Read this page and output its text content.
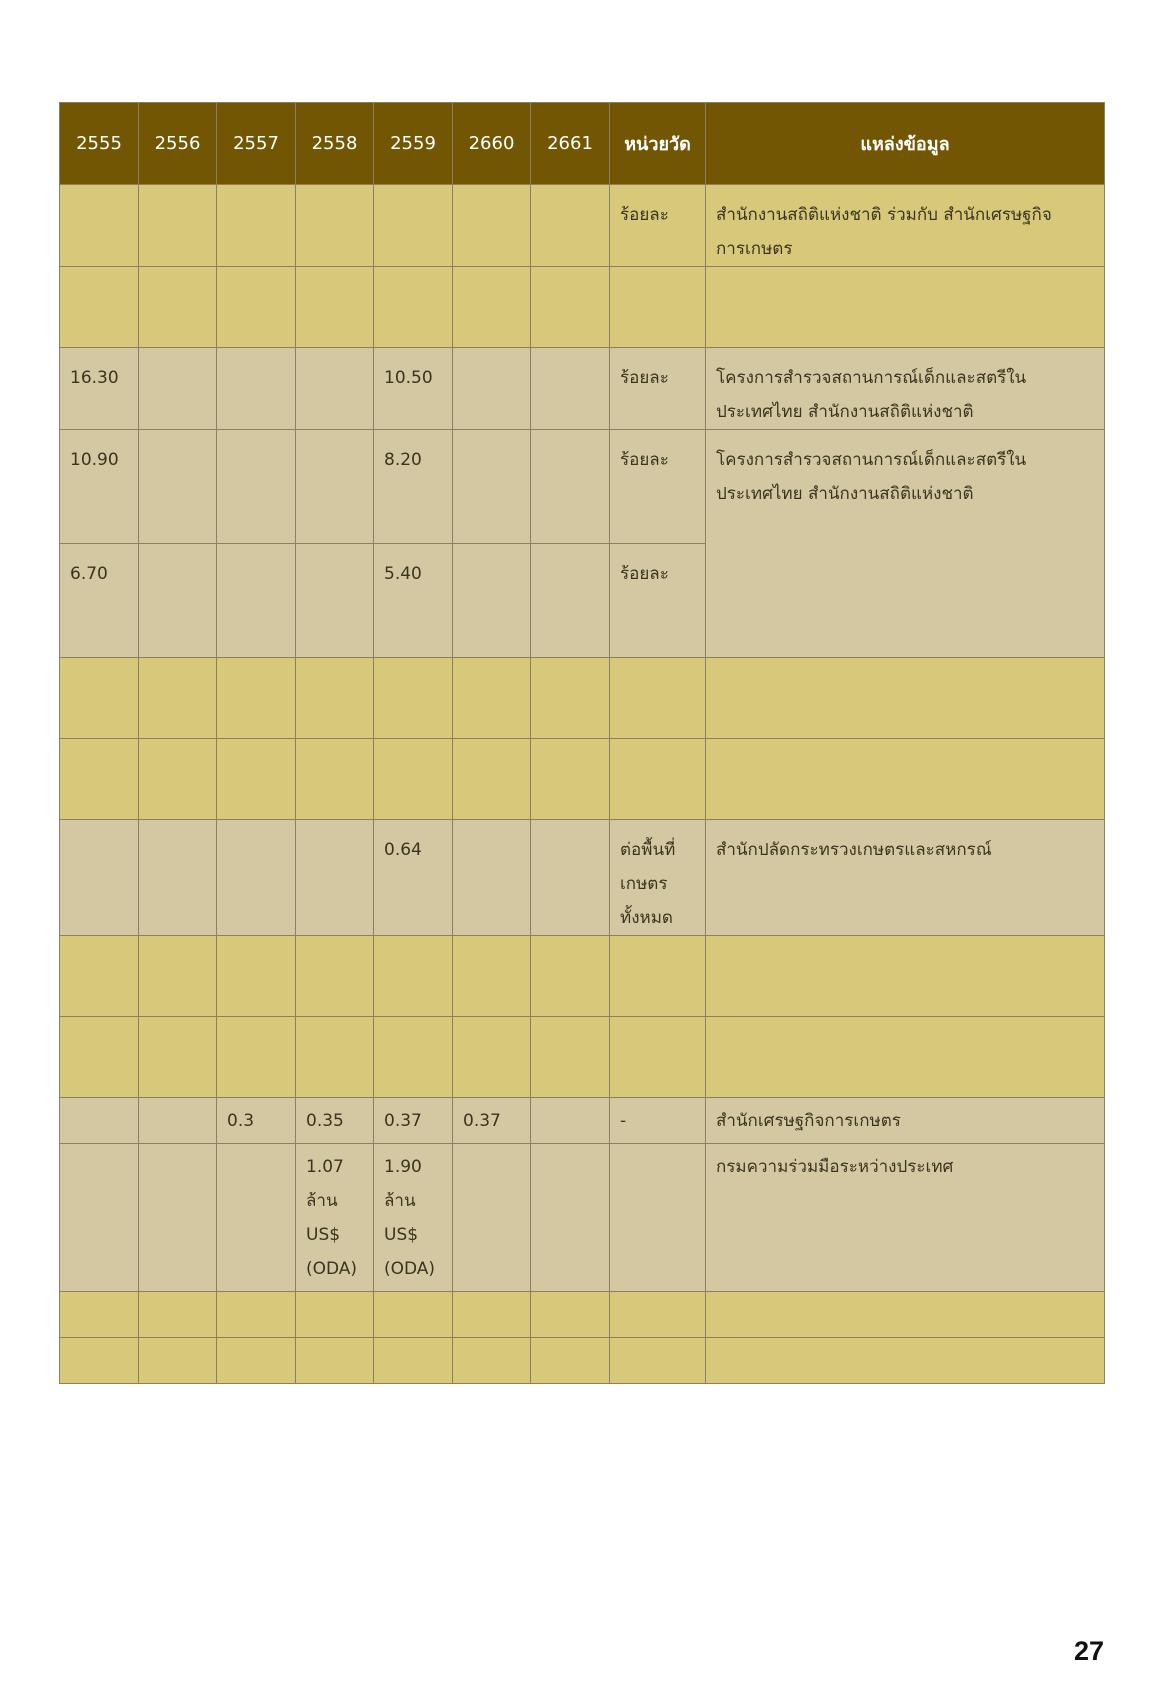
2555	2556	2557	2558	2559	2660	2661	หน่วยวัด	แหล่งข้อมูล

							ร้อยละ	สำนักงานสถิติแห่งชาติ ร่วมกับ สำนักเศรษฐกิจการเกษตร

16.30				10.50			ร้อยละ	โครงการสำรวจสถานการณ์เด็กและสตรีในประเทศไทย สำนักงานสถิติแห่งชาติ

10.90				8.20			ร้อยละ	โครงการสำรวจสถานการณ์เด็กและสตรีในประเทศไทย สำนักงานสถิติแห่งชาติ

6.70				5.40			ร้อยละ	

				0.64			ต่อพื้นที่เกษตรทั้งหมด	สำนักปลัดกระทรวงเกษตรและสหกรณ์

		0.3	0.35	0.37	0.37		-	สำนักเศรษฐกิจการเกษตร

			1.07 ล้าน US$ (ODA)	1.90 ล้าน US$ (ODA)				กรมความร่วมมือระหว่างประเทศ

27
